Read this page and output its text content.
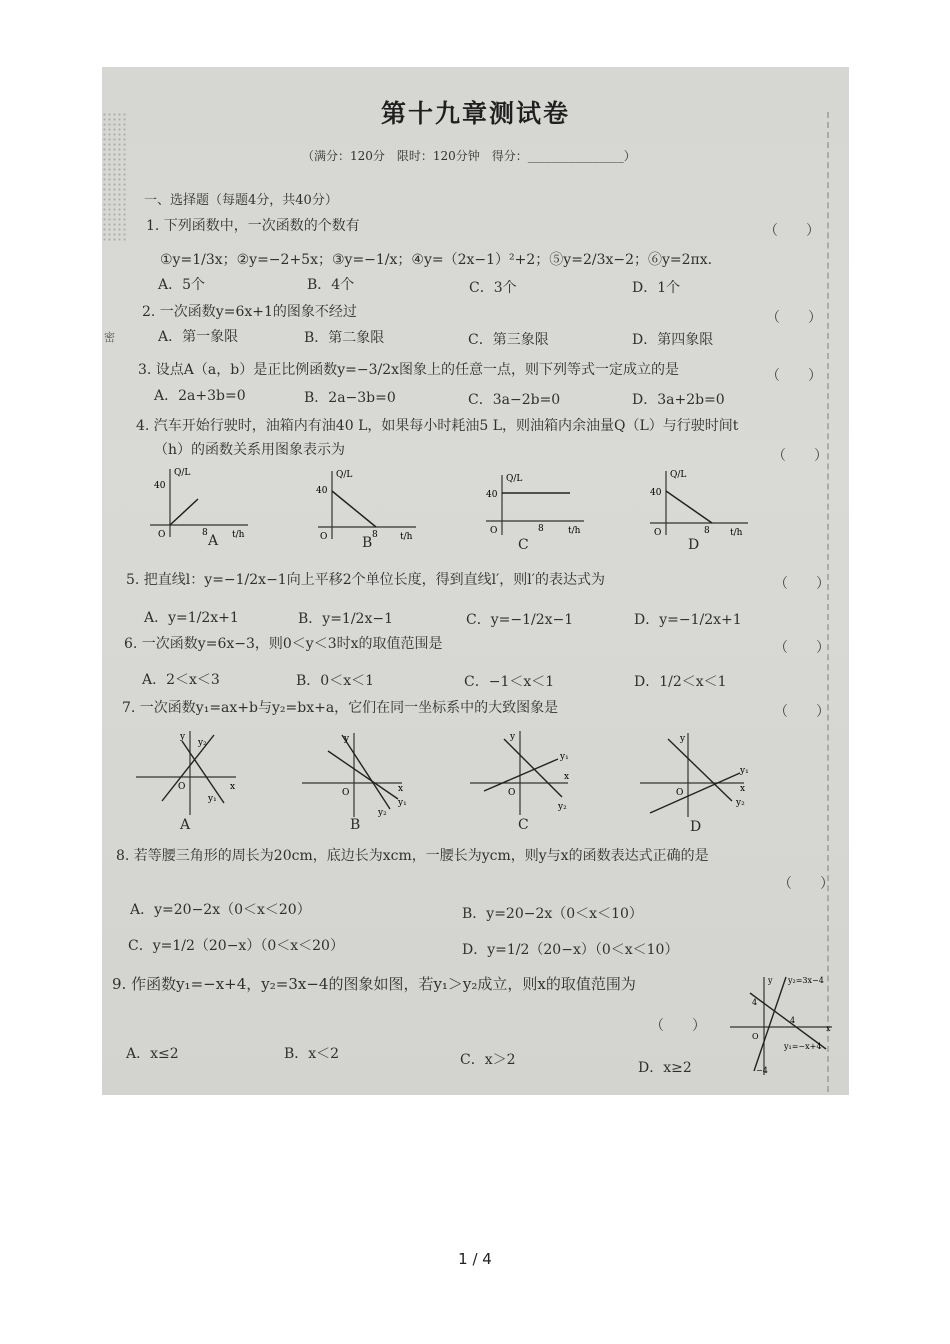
密
第十九章测试卷
（满分：120分　限时：120分钟　得分：________________）
一、选择题（每题4分，共40分）
1. 下列函数中，一次函数的个数有	（　　）
①y=1/3x；②y=−2+5x；③y=−1/x；④y=（2x−1）²+2；⑤y=2/3x−2；⑥y=2πx.
A．5个	B．4个	C．3个	D．1个
2. 一次函数y=6x+1的图象不经过	（　　）
A．第一象限	B．第二象限	C．第三象限	D．第四象限
3. 设点A（a，b）是正比例函数y=−3/2x图象上的任意一点，则下列等式一定成立的是	（　　）
A．2a+3b=0	B．2a−3b=0	C．3a−2b=0	D．3a+2b=0
4. 汽车开始行驶时，油箱内有油40 L，如果每小时耗油5 L，则油箱内余油量Q（L）与行驶时间t
（h）的函数关系用图象表示为	（　　）
Q/L
40
O	8	t/h
A
Q/L
40
O	8 t/h
B
Q/L
40
O	8	t/h
C
Q/L
40
O	8 t/h
D
5. 把直线l：y=−1/2x−1向上平移2个单位长度，得到直线l′，则l′的表达式为	（　　）
A．y=1/2x+1	B．y=1/2x−1	C．y=−1/2x−1	D．y=−1/2x+1
6. 一次函数y=6x−3，则0＜y＜3时x的取值范围是	（　　）
A．2＜x＜3	B．0＜x＜1	C．−1＜x＜1	D．1/2＜x＜1
7. 一次函数y₁=ax+b与y₂=bx+a，它们在同一坐标系中的大致图象是	（　　）
y
y₂
x
O
y₁
A
y
x
O
y₂
y₁
B
y
y₁
x
O
y₂
C
y
y₁
x
O
y₂
D
8. 若等腰三角形的周长为20cm，底边长为xcm，一腰长为ycm，则y与x的函数表达式正确的是
（　　）
A．y=20−2x（0＜x＜20）	B．y=20−2x（0＜x＜10）
C．y=1/2（20−x）（0＜x＜20）	D．y=1/2（20−x）（0＜x＜10）
9. 作函数y₁=−x+4，y₂=3x−4的图象如图，若y₁＞y₂成立，则x的取值范围为
（　　）
A．x≤2	B．x＜2	C．x＞2	D．x≥2
y y₂=3x−4
4
4
x
O
y₁=−x+4
−4
1 / 4
